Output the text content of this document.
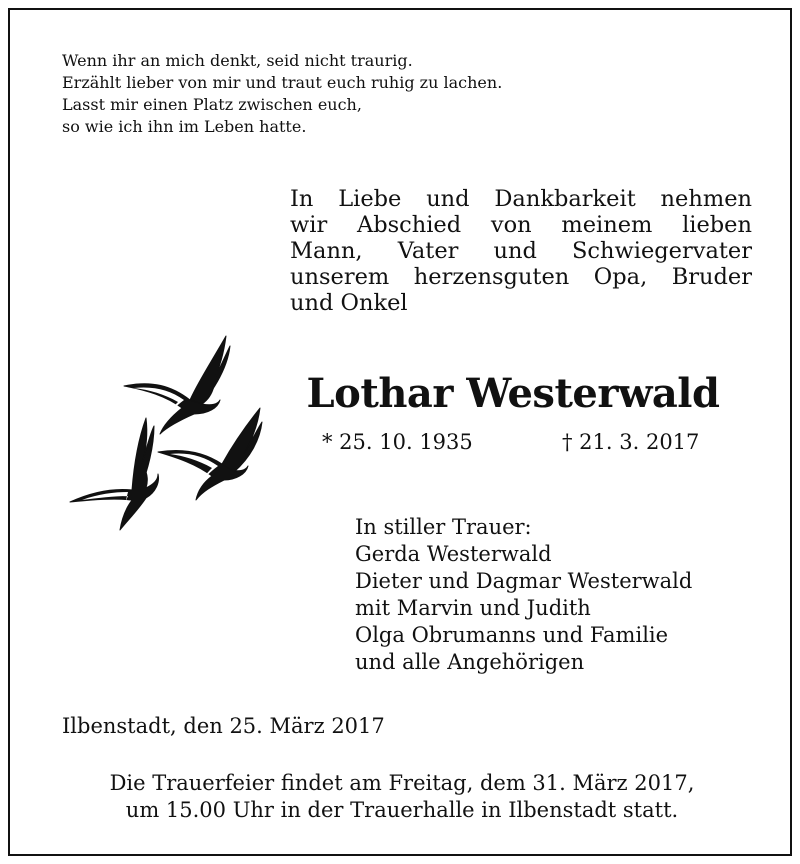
Wenn ihr an mich denkt, seid nicht traurig.
Erzählt lieber von mir und traut euch ruhig zu lachen.
Lasst mir einen Platz zwischen euch,
so wie ich ihn im Leben hatte.
In Liebe und Dankbarkeit nehmen
wir Abschied von meinem lieben
Mann, Vater und Schwiegervater
unserem herzensguten Opa, Bruder
und Onkel
Lothar Westerwald
* 25. 10. 1935	† 21. 3. 2017
In stiller Trauer:
Gerda Westerwald
Dieter und Dagmar Westerwald
mit Marvin und Judith
Olga Obrumanns und Familie
und alle Angehörigen
Ilbenstadt, den 25. März 2017
Die Trauerfeier findet am Freitag, dem 31. März 2017,
um 15.00 Uhr in der Trauerhalle in Ilbenstadt statt.
